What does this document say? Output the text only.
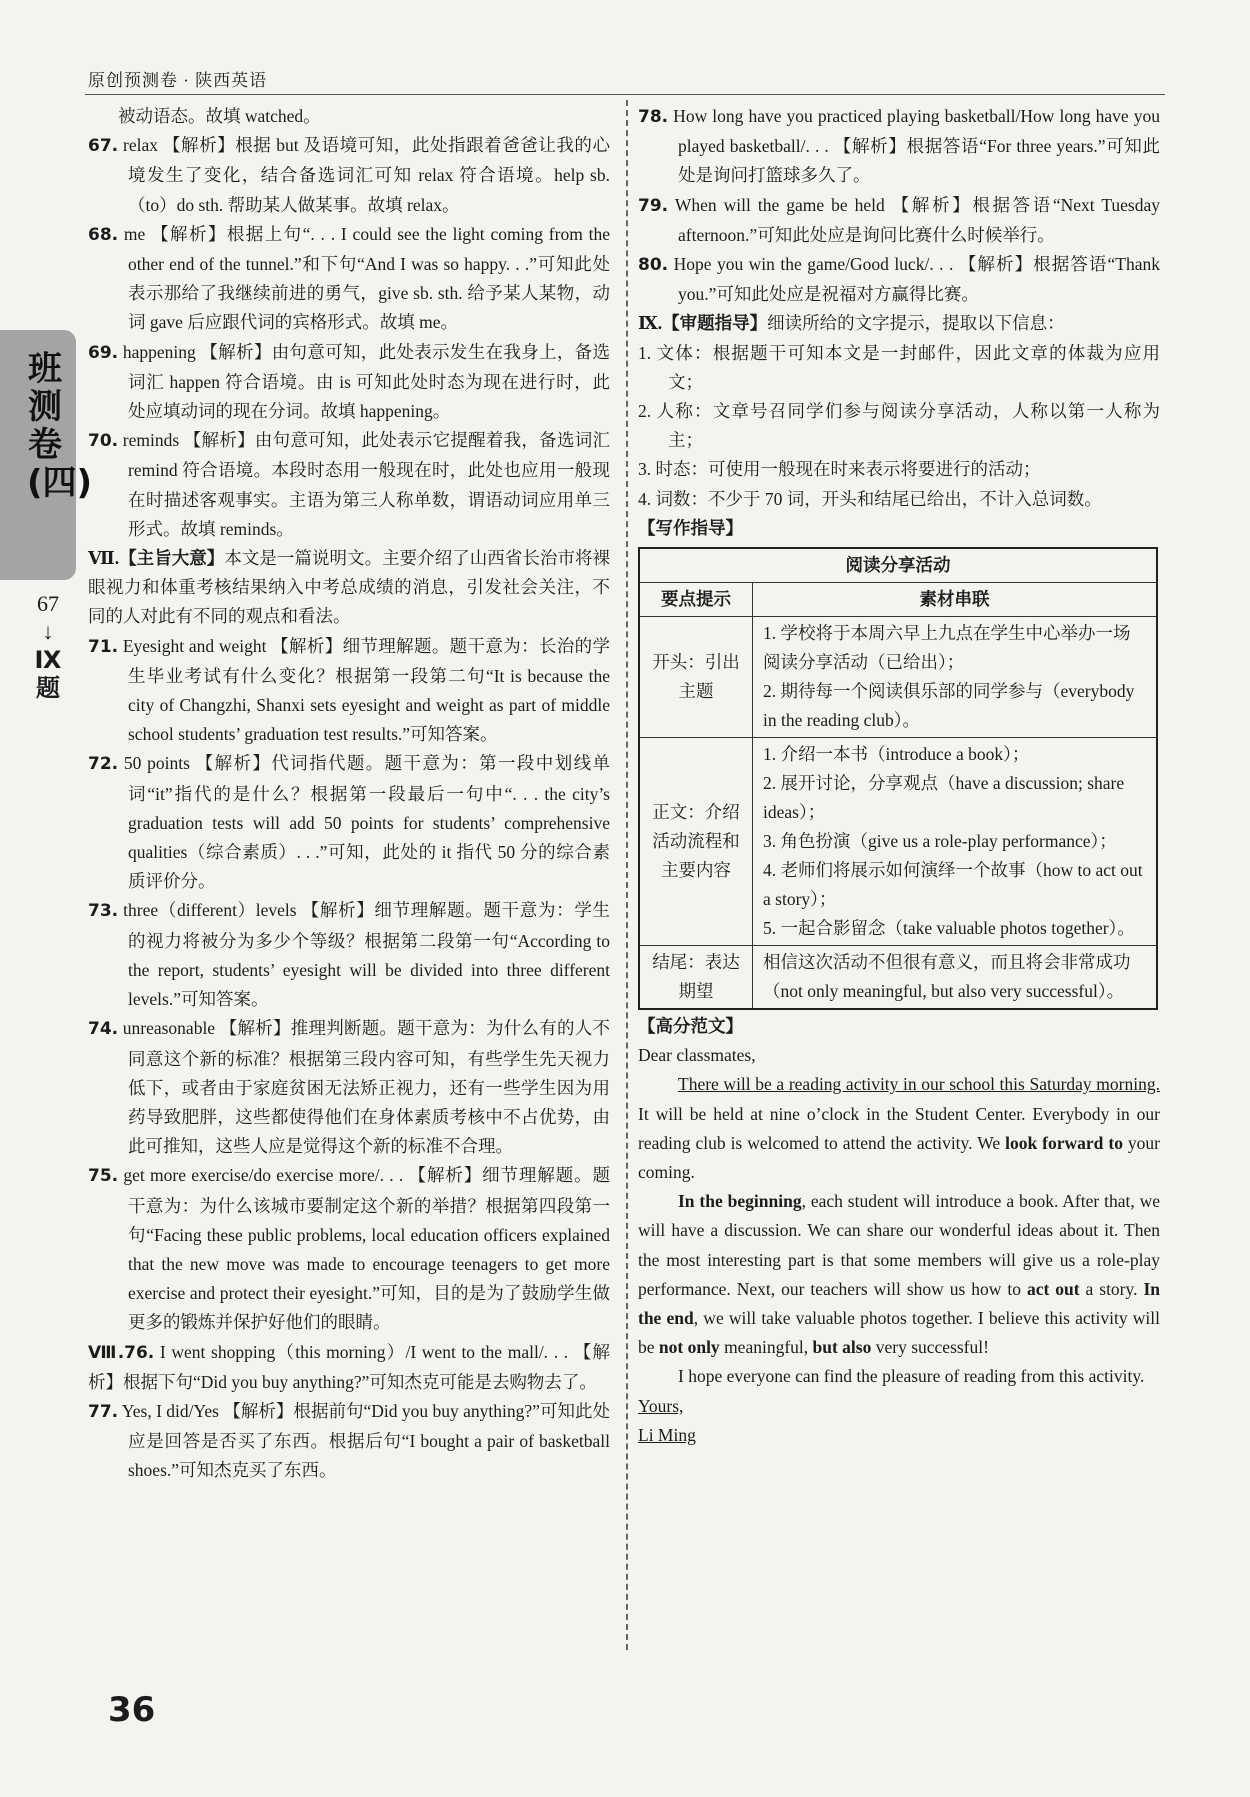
原创预测卷 · 陕西英语
班测卷(四)
67
↓
Ⅸ
题

被动语态。故填 watched。

67. relax 【解析】根据 but 及语境可知，此处指跟着爸爸让我的心境发生了变化，结合备选词汇可知 relax 符合语境。help sb.（to）do sth. 帮助某人做某事。故填 relax。

68. me 【解析】根据上句“. . . I could see the light coming from the other end of the tunnel.”和下句“And I was so happy. . .”可知此处表示那给了我继续前进的勇气，give sb. sth. 给予某人某物，动词 gave 后应跟代词的宾格形式。故填 me。

69. happening 【解析】由句意可知，此处表示发生在我身上，备选词汇 happen 符合语境。由 is 可知此处时态为现在进行时，此处应填动词的现在分词。故填 happening。

70. reminds 【解析】由句意可知，此处表示它提醒着我，备选词汇 remind 符合语境。本段时态用一般现在时，此处也应用一般现在时描述客观事实。主语为第三人称单数，谓语动词应用单三形式。故填 reminds。

Ⅶ.【主旨大意】本文是一篇说明文。主要介绍了山西省长治市将裸眼视力和体重考核结果纳入中考总成绩的消息，引发社会关注，不同的人对此有不同的观点和看法。

71. Eyesight and weight 【解析】细节理解题。题干意为：长治的学生毕业考试有什么变化？根据第一段第二句“It is because the city of Changzhi, Shanxi sets eyesight and weight as part of middle school students’ graduation test results.”可知答案。

72. 50 points 【解析】代词指代题。题干意为：第一段中划线单词“it”指代的是什么？根据第一段最后一句中“. . . the city’s graduation tests will add 50 points for students’ comprehensive qualities（综合素质）. . .”可知，此处的 it 指代 50 分的综合素质评价分。

73. three（different）levels 【解析】细节理解题。题干意为：学生的视力将被分为多少个等级？根据第二段第一句“According to the report, students’ eyesight will be divided into three different levels.”可知答案。

74. unreasonable 【解析】推理判断题。题干意为：为什么有的人不同意这个新的标准？根据第三段内容可知，有些学生先天视力低下，或者由于家庭贫困无法矫正视力，还有一些学生因为用药导致肥胖，这些都使得他们在身体素质考核中不占优势，由此可推知，这些人应是觉得这个新的标准不合理。

75. get more exercise/do exercise more/. . . 【解析】细节理解题。题干意为：为什么该城市要制定这个新的举措？根据第四段第一句“Facing these public problems, local education officers explained that the new move was made to encourage teenagers to get more exercise and protect their eyesight.”可知，目的是为了鼓励学生做更多的锻炼并保护好他们的眼睛。

Ⅷ.76. I went shopping（this morning）/I went to the mall/. . . 【解析】根据下句“Did you buy anything?”可知杰克可能是去购物去了。

77. Yes, I did/Yes 【解析】根据前句“Did you buy anything?”可知此处应是回答是否买了东西。根据后句“I bought a pair of basketball shoes.”可知杰克买了东西。

78. How long have you practiced playing basketball/How long have you played basketball/. . . 【解析】根据答语“For three years.”可知此处是询问打篮球多久了。

79. When will the game be held 【解析】根据答语“Next Tuesday afternoon.”可知此处应是询问比赛什么时候举行。

80. Hope you win the game/Good luck/. . . 【解析】根据答语“Thank you.”可知此处应是祝福对方赢得比赛。

Ⅸ.【审题指导】细读所给的文字提示，提取以下信息：

1. 文体：根据题干可知本文是一封邮件，因此文章的体裁为应用文；

2. 人称：文章号召同学们参与阅读分享活动，人称以第一人称为主；

3. 时态：可使用一般现在时来表示将要进行的活动；

4. 词数：不少于 70 词，开头和结尾已给出，不计入总词数。

【写作指导】

阅读分享活动	
要点提示	素材串联
开头：引出主题	1. 学校将于本周六早上九点在学生中心举办一场阅读分享活动（已给出）；
2. 期待每一个阅读俱乐部的同学参与（everybody in the reading club）。

正文：介绍活动流程和主要内容	1. 介绍一本书（introduce a book）；
2. 展开讨论，分享观点（have a discussion; share ideas）；
3. 角色扮演（give us a role-play performance）；
4. 老师们将展示如何演绎一个故事（how to act out a story）；
5. 一起合影留念（take valuable photos together）。

结尾：表达期望	相信这次活动不但很有意义，而且将会非常成功（not only meaningful, but also very successful）。

【高分范文】

Dear classmates,

There will be a reading activity in our school this Saturday morning. It will be held at nine o’clock in the Student Center. Everybody in our reading club is welcomed to attend the activity. We look forward to your coming.

In the beginning, each student will introduce a book. After that, we will have a discussion. We can share our wonderful ideas about it. Then the most interesting part is that some members will give us a role-play performance. Next, our teachers will show us how to act out a story. In the end, we will take valuable photos together. I believe this activity will be not only meaningful, but also very successful!

I hope everyone can find the pleasure of reading from this activity.

Yours,

Li Ming

36
